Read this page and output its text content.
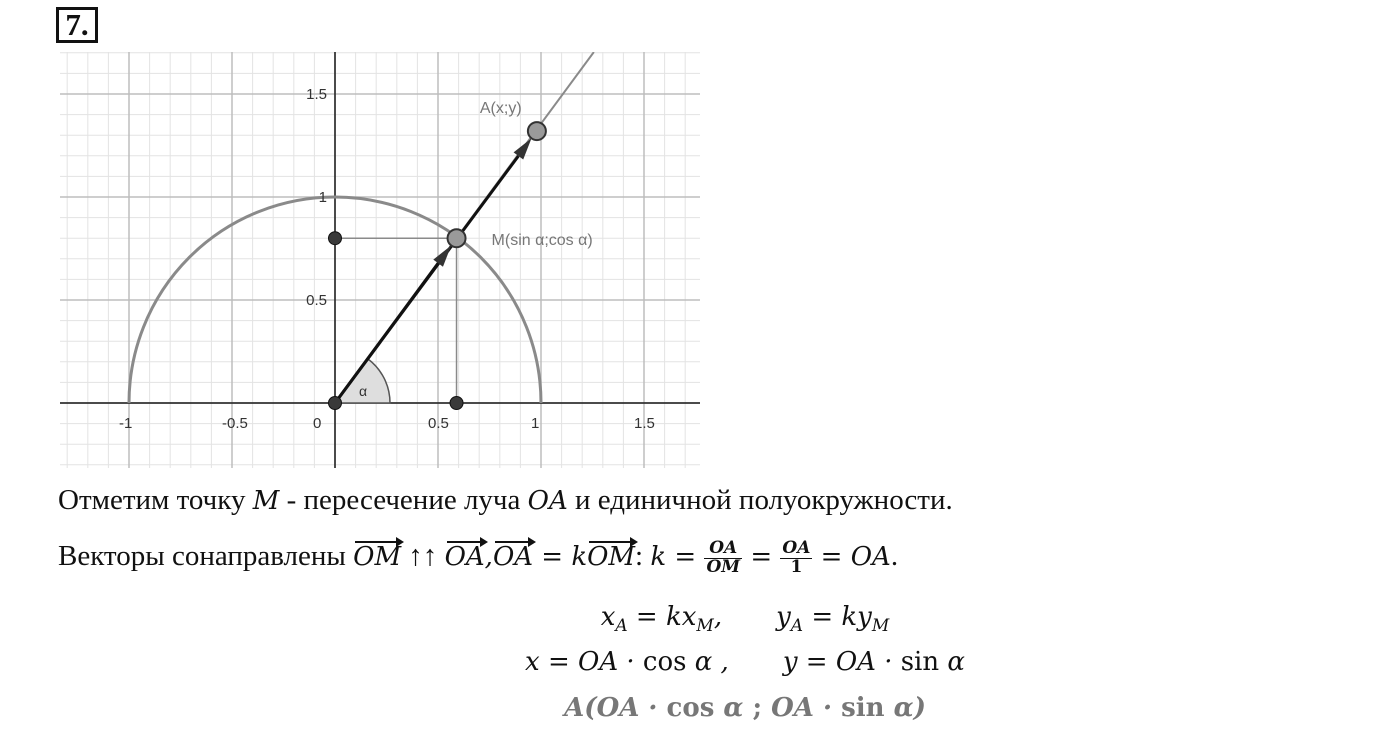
7.
α
A(x;y)
M(sin α;cos α)
-1	-0.5	0	0.5	1	1.5
0.5
1
1.5
Отметим точку M - пересечение луча OA и единичной полуокружности.
Векторы сонаправлены OM ↑↑ OA,OA = kOM: $k = \frac{OA}{OM} = \frac{OA}{1}$ = OA.
$x_A = kx_M$, $y_A = ky_M$
x = OA · cos α , y = OA · sin α
A(OA · cos α ; OA · sin α)
